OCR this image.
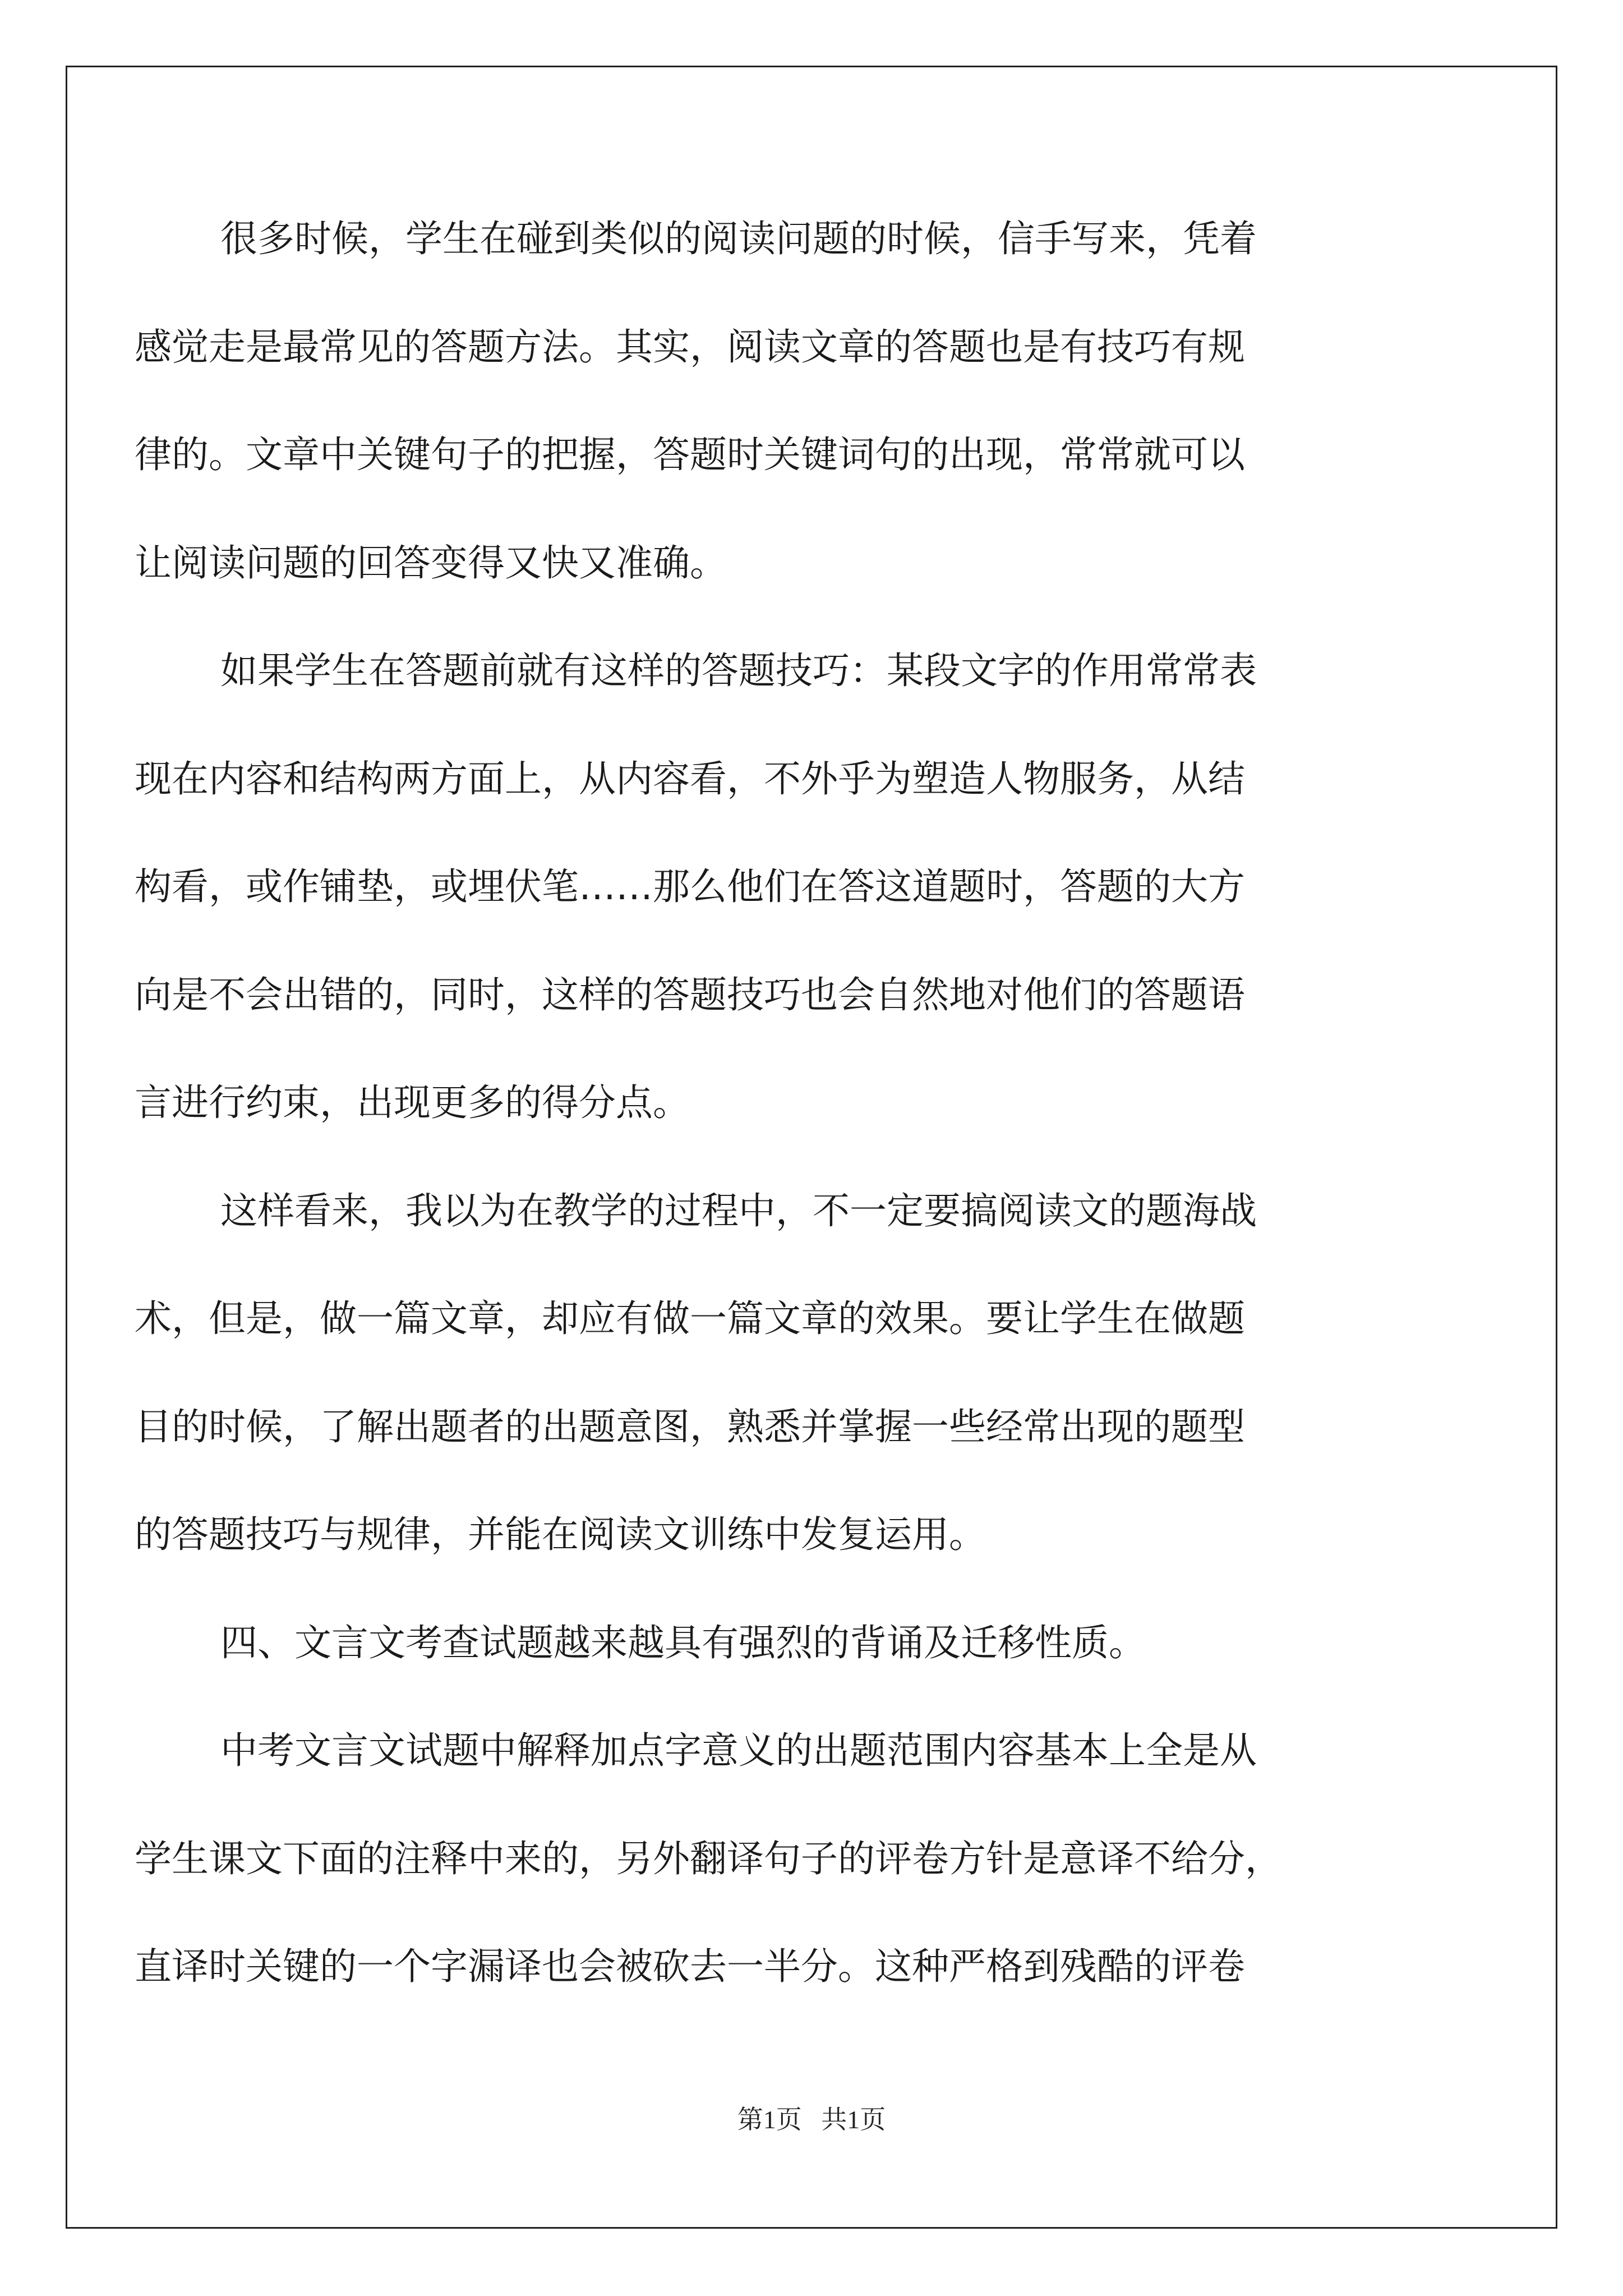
很多时候，学生在碰到类似的阅读问题的时候，信手写来，凭着
感觉走是最常见的答题方法。其实，阅读文章的答题也是有技巧有规
律的。文章中关键句子的把握，答题时关键词句的出现，常常就可以
让阅读问题的回答变得又快又准确。

如果学生在答题前就有这样的答题技巧：某段文字的作用常常表
现在内容和结构两方面上，从内容看，不外乎为塑造人物服务，从结
构看，或作铺垫，或埋伏笔……那么他们在答这道题时，答题的大方
向是不会出错的，同时，这样的答题技巧也会自然地对他们的答题语
言进行约束，出现更多的得分点。

这样看来，我以为在教学的过程中，不一定要搞阅读文的题海战
术，但是，做一篇文章，却应有做一篇文章的效果。要让学生在做题
目的时候，了解出题者的出题意图，熟悉并掌握一些经常出现的题型
的答题技巧与规律，并能在阅读文训练中发复运用。

四、文言文考查试题越来越具有强烈的背诵及迁移性质。

中考文言文试题中解释加点字意义的出题范围内容基本上全是从
学生课文下面的注释中来的，另外翻译句子的评卷方针是意译不给分，
直译时关键的一个字漏译也会被砍去一半分。这种严格到残酷的评卷

第1页 共1页
